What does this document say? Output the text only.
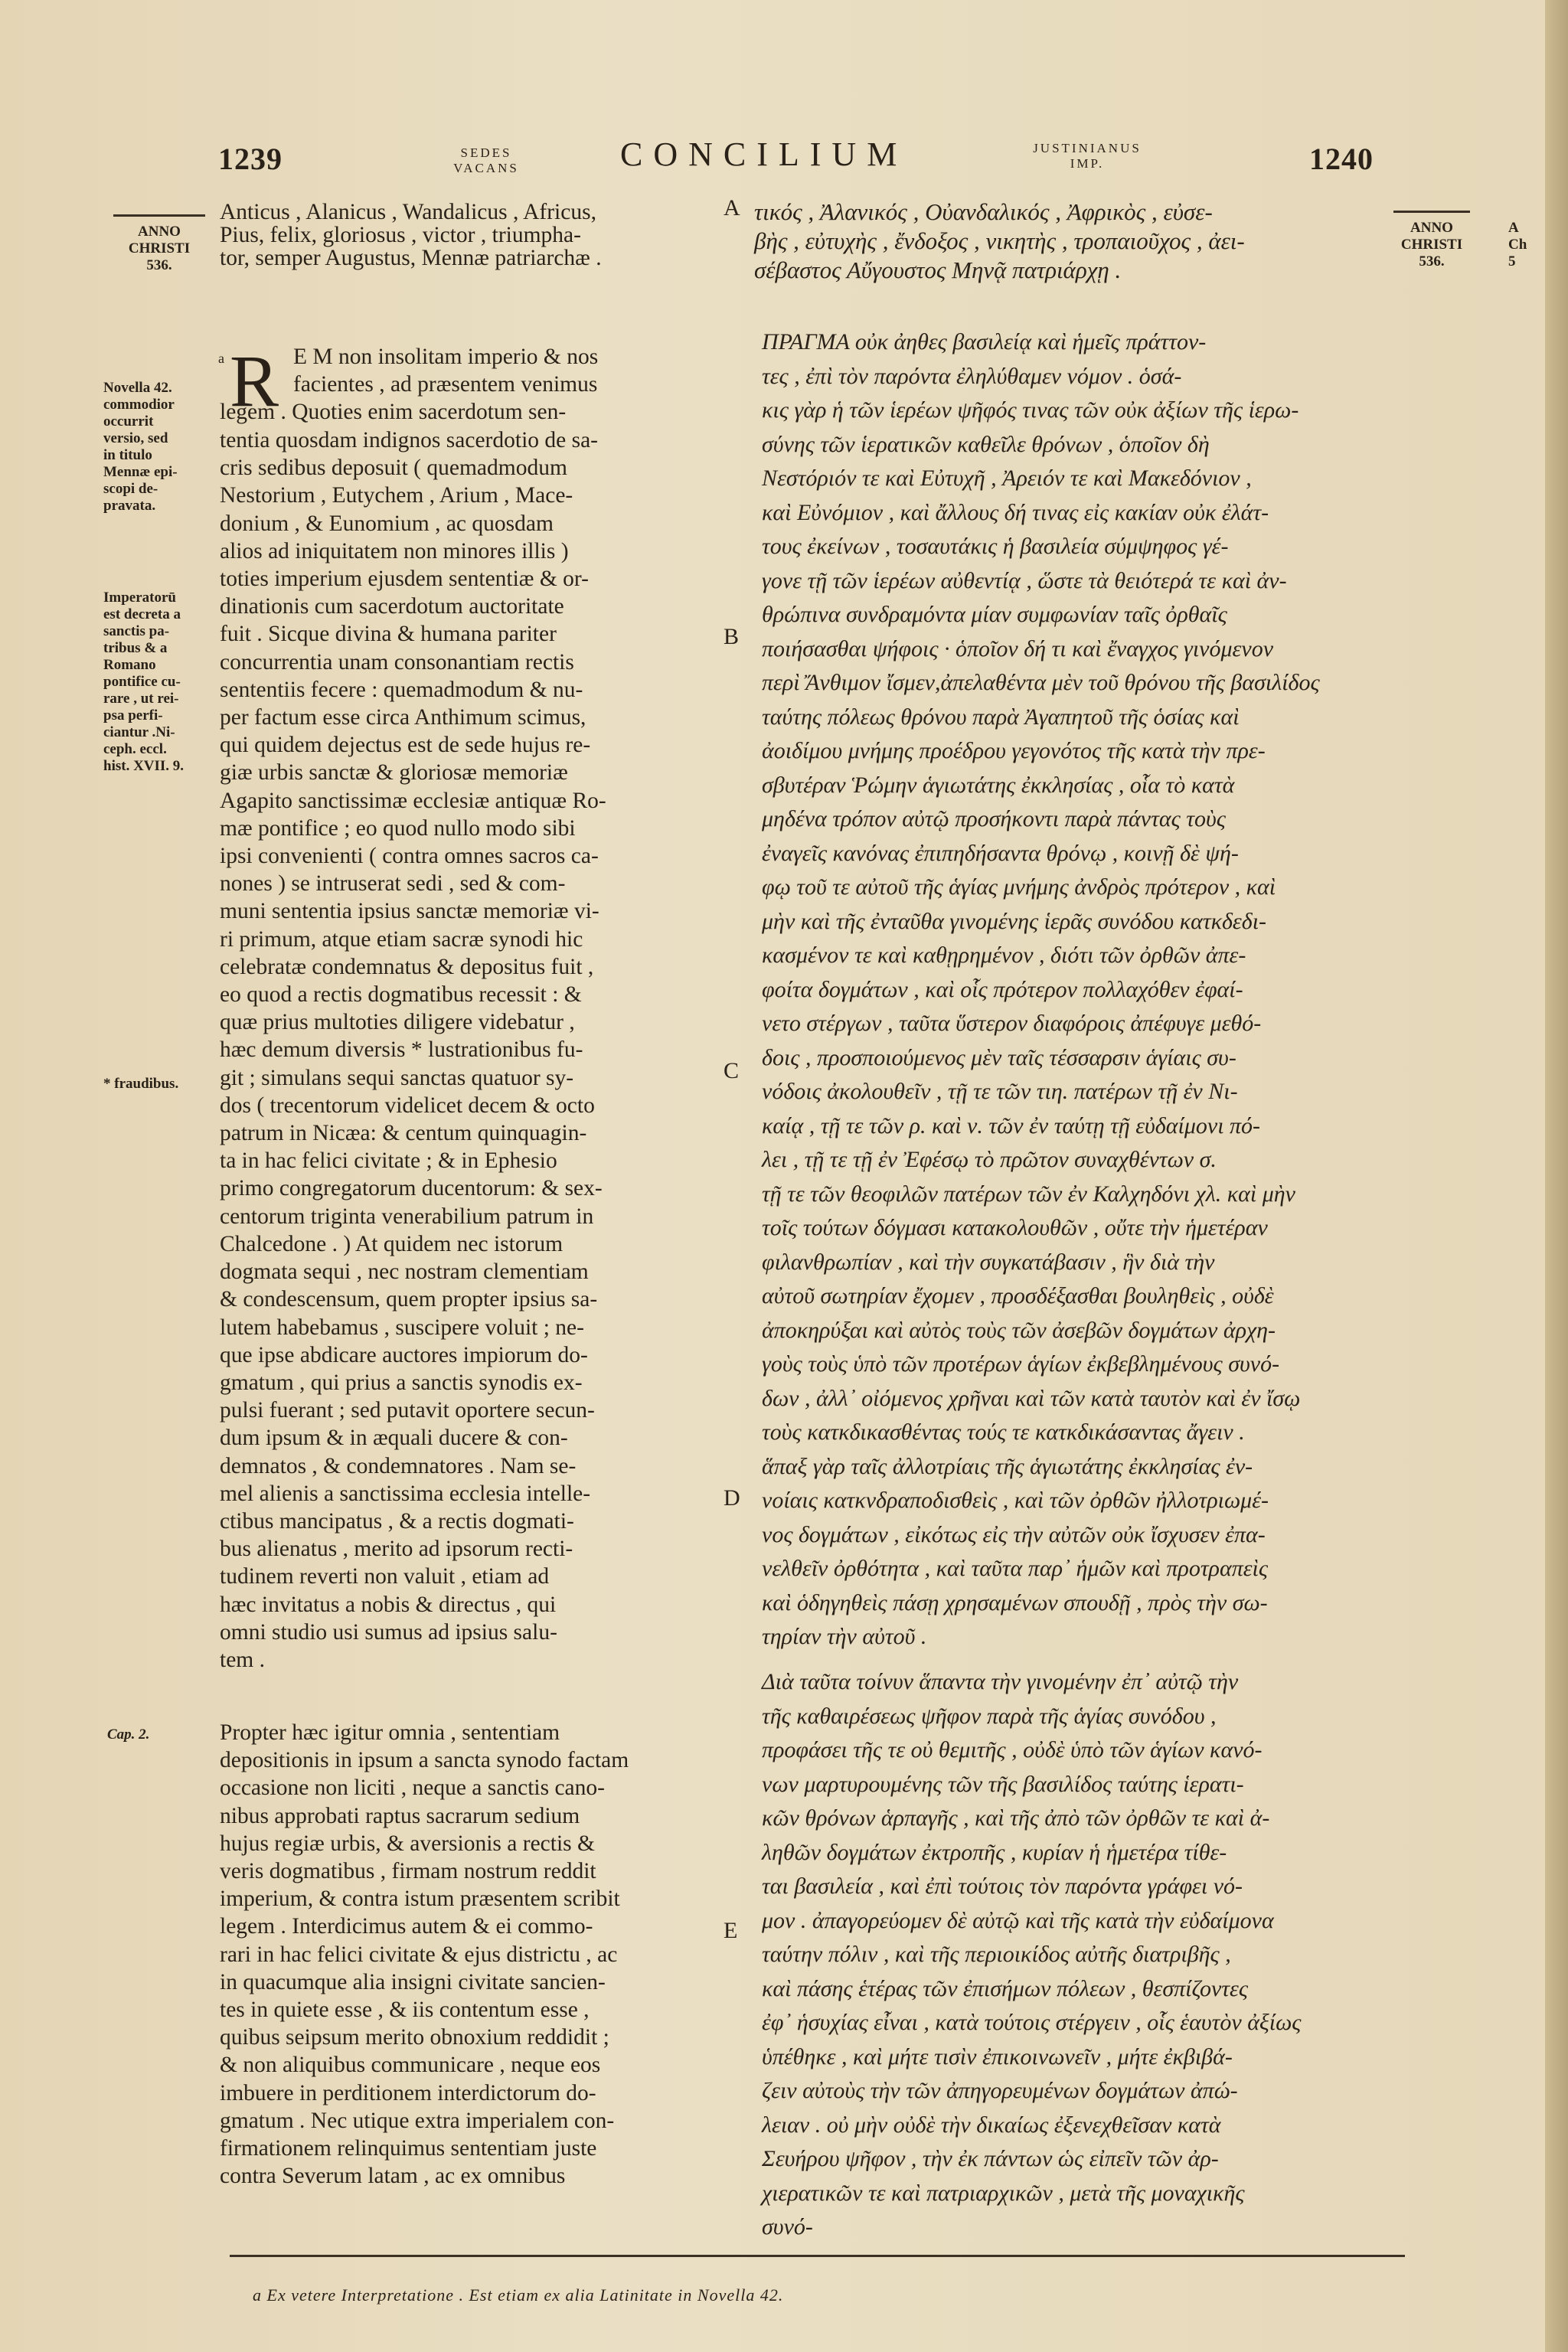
1239	SEDES
VACANS	CONCILIUM	JUSTINIANUS
IMP.	1240
ANNO
CHRISTI
536.
ANNO
CHRISTI
536.
A
Ch
5
Anticus , Alanicus , Wandalicus , Africus,
Pius, felix, gloriosus , victor , triumpha-
tor, semper Augustus, Mennæ patriarchæ .
τικός , Ἀλανικός , Οὐανδαλικός , Ἀφρικὸς , εὐσε-
βὴς , εὐτυχὴς , ἔνδοξος , νικητὴς , τροπαιοῦχος , ἀει-
σέβαστος Αὔγουστος Μηνᾷ πατριάρχῃ .
a R E M non insolitam imperio & nos
facientes , ad præsentem venimus
legem . Quoties enim sacerdotum sen-
tentia quosdam indignos sacerdotio de sa-
cris sedibus deposuit ( quemadmodum
Nestorium , Eutychem , Arium , Mace-
donium , & Eunomium , ac quosdam
alios ad iniquitatem non minores illis )
toties imperium ejusdem sententiæ & or-
dinationis cum sacerdotum auctoritate
fuit . Sicque divina & humana pariter
concurrentia unam consonantiam rectis
sententiis fecere : quemadmodum & nu-
per factum esse circa Anthimum scimus,
qui quidem dejectus est de sede hujus re-
giæ urbis sanctæ & gloriosæ memoriæ
Agapito sanctissimæ ecclesiæ antiquæ Ro-
mæ pontifice ; eo quod nullo modo sibi
ipsi convenienti ( contra omnes sacros ca-
nones ) se intruserat sedi , sed & com-
muni sententia ipsius sanctæ memoriæ vi-
ri primum, atque etiam sacræ synodi hic
celebratæ condemnatus & depositus fuit ,
eo quod a rectis dogmatibus recessit : &
quæ prius multoties diligere videbatur ,
hæc demum diversis * lustrationibus fu-
git ; simulans sequi sanctas quatuor sy-
dos ( trecentorum videlicet decem & octo
patrum in Nicæa: & centum quinquagin-
ta in hac felici civitate ; & in Ephesio
primo congregatorum ducentorum: & sex-
centorum triginta venerabilium patrum in
Chalcedone . ) At quidem nec istorum
dogmata sequi , nec nostram clementiam
& condescensum, quem propter ipsius sa-
lutem habebamus , suscipere voluit ; ne-
que ipse abdicare auctores impiorum do-
gmatum , qui prius a sanctis synodis ex-
pulsi fuerant ; sed putavit oportere secun-
dum ipsum & in æquali ducere & con-
demnatos , & condemnatores . Nam se-
mel alienis a sanctissima ecclesia intelle-
ctibus mancipatus , & a rectis dogmati-
bus alienatus , merito ad ipsorum recti-
tudinem reverti non valuit , etiam ad
hæc invitatus a nobis & directus , qui
omni studio usi sumus ad ipsius salu-
tem .
Propter hæc igitur omnia , sententiam
depositionis in ipsum a sancta synodo factam
occasione non liciti , neque a sanctis cano-
nibus approbati raptus sacrarum sedium
hujus regiæ urbis, & aversionis a rectis &
veris dogmatibus , firmam nostrum reddit
imperium, & contra istum præsentem scribit
legem . Interdicimus autem & ei commo-
rari in hac felici civitate & ejus districtu , ac
in quacumque alia insigni civitate sancien-
tes in quiete esse , & iis contentum esse ,
quibus seipsum merito obnoxium reddidit ;
& non aliquibus communicare , neque eos
imbuere in perditionem interdictorum do-
gmatum . Nec utique extra imperialem con-
firmationem relinquimus sententiam juste
contra Severum latam , ac ex omnibus
Novella 42.
commodior
occurrit
versio, sed
in titulo
Mennæ epi-
scopi de-
pravata.
Imperatorū
est decreta a
sanctis pa-
tribus & a
Romano
pontifice cu-
rare , ut rei-
psa perfi-
ciantur .Ni-
ceph. eccl.
hist. XVII. 9.
* fraudibus.
Cap. 2.
A
B
C
D
E
ΠΡΑΓΜΑ οὐκ ἀηθες βασιλείᾳ καὶ ἡμεῖς πράττον-
τες , ἐπὶ τὸν παρόντα ἐληλύθαμεν νόμον . ὁσά-
κις γὰρ ἡ τῶν ἱερέων ψῆφός τινας τῶν οὐκ ἀξίων τῆς ἱερω-
σύνης τῶν ἱερατικῶν καθεῖλε θρόνων , ὁποῖον δὴ
Νεστόριόν τε καὶ Εὐτυχῆ , Ἀρειόν τε καὶ Μακεδόνιον ,
καὶ Εὐνόμιον , καὶ ἄλλους δή τινας εἰς κακίαν οὐκ ἐλάτ-
τους ἐκείνων , τοσαυτάκις ἡ βασιλεία σύμψηφος γέ-
γονε τῇ τῶν ἱερέων αὐθεντίᾳ , ὥστε τὰ θειότερά τε καὶ ἀν-
θρώπινα συνδραμόντα μίαν συμφωνίαν ταῖς ὀρθαῖς
ποιήσασθαι ψήφοις · ὁποῖον δή τι καὶ ἔναγχος γινόμενον
περὶ Ἄνθιμον ἴσμεν,ἀπελαθέντα μὲν τοῦ θρόνου τῆς βασιλίδος
ταύτης πόλεως θρόνου παρὰ Ἀγαπητοῦ τῆς ὁσίας καὶ
ἀοιδίμου μνήμης προέδρου γεγονότος τῆς κατὰ τὴν πρε-
σβυτέραν Ῥώμην ἁγιωτάτης ἐκκλησίας , οἷα τὸ κατὰ
μηδένα τρόπον αὐτῷ προσήκοντι παρὰ πάντας τοὺς
ἐναγεῖς κανόνας ἐπιπηδήσαντα θρόνῳ , κοινῇ δὲ ψή-
φῳ τοῦ τε αὐτοῦ τῆς ἁγίας μνήμης ἀνδρὸς πρότερον , καὶ
μὴν καὶ τῆς ἐνταῦθα γινομένης ἱερᾶς συνόδου κατκδεδι-
κασμένον τε καὶ καθῃρημένον , διότι τῶν ὀρθῶν ἀπε-
φοίτα δογμάτων , καὶ οἷς πρότερον πολλαχόθεν ἐφαί-
νετο στέργων , ταῦτα ὕστερον διαφόροις ἀπέφυγε μεθό-
δοις , προσποιούμενος μὲν ταῖς τέσσαρσιν ἁγίαις συ-
νόδοις ἀκολουθεῖν , τῇ τε τῶν τιη. πατέρων τῇ ἐν Νι-
καίᾳ , τῇ τε τῶν ρ. καὶ ν. τῶν ἐν ταύτῃ τῇ εὐδαίμονι πό-
λει , τῇ τε τῇ ἐν Ἐφέσῳ τὸ πρῶτον συναχθέντων σ.
τῇ τε τῶν θεοφιλῶν πατέρων τῶν ἐν Καλχηδόνι χλ. καὶ μὴν
τοῖς τούτων δόγμασι κατακολουθῶν , οὔτε τὴν ἡμετέραν
φιλανθρωπίαν , καὶ τὴν συγκατάβασιν , ἣν διὰ τὴν
αὐτοῦ σωτηρίαν ἔχομεν , προσδέξασθαι βουληθεὶς , οὐδὲ
ἀποκηρύξαι καὶ αὐτὸς τοὺς τῶν ἀσεβῶν δογμάτων ἀρχη-
γοὺς τοὺς ὑπὸ τῶν προτέρων ἁγίων ἐκβεβλημένους συνό-
δων , ἀλλ᾽ οἰόμενος χρῆναι καὶ τῶν κατὰ ταυτὸν καὶ ἐν ἴσῳ
τοὺς κατκδικασθέντας τούς τε κατκδικάσαντας ἄγειν .
ἅπαξ γὰρ ταῖς ἀλλοτρίαις τῆς ἁγιωτάτης ἐκκλησίας ἐν-
νοίαις κατκνδραποδισθεὶς , καὶ τῶν ὀρθῶν ἠλλοτριωμέ-
νος δογμάτων , εἰκότως εἰς τὴν αὐτῶν οὐκ ἴσχυσεν ἐπα-
νελθεῖν ὀρθότητα , καὶ ταῦτα παρ᾽ ἡμῶν καὶ προτραπεὶς
καὶ ὁδηγηθεὶς πάσῃ χρησαμένων σπουδῇ , πρὸς τὴν σω-
τηρίαν τὴν αὐτοῦ .
Διὰ ταῦτα τοίνυν ἅπαντα τὴν γινομένην ἐπ᾽ αὐτῷ τὴν
τῆς καθαιρέσεως ψῆφον παρὰ τῆς ἁγίας συνόδου ,
προφάσει τῆς τε οὐ θεμιτῆς , οὐδὲ ὑπὸ τῶν ἁγίων κανό-
νων μαρτυρουμένης τῶν τῆς βασιλίδος ταύτης ἱερατι-
κῶν θρόνων ἁρπαγῆς , καὶ τῆς ἀπὸ τῶν ὀρθῶν τε καὶ ἀ-
ληθῶν δογμάτων ἐκτροπῆς , κυρίαν ἡ ἡμετέρα τίθε-
ται βασιλεία , καὶ ἐπὶ τούτοις τὸν παρόντα γράφει νό-
μον . ἀπαγορεύομεν δὲ αὐτῷ καὶ τῆς κατὰ τὴν εὐδαίμονα
ταύτην πόλιν , καὶ τῆς περιοικίδος αὐτῆς διατριβῆς ,
καὶ πάσης ἑτέρας τῶν ἐπισήμων πόλεων , θεσπίζοντες
ἐφ᾽ ἡσυχίας εἶναι , κατὰ τούτοις στέργειν , οἷς ἑαυτὸν ἀξίως
ὑπέθηκε , καὶ μήτε τισὶν ἐπικοινωνεῖν , μήτε ἐκβιβά-
ζειν αὐτοὺς τὴν τῶν ἀπηγορευμένων δογμάτων ἀπώ-
λειαν . οὐ μὴν οὐδὲ τὴν δικαίως ἐξενεχθεῖσαν κατὰ
Σευήρου ψῆφον , τὴν ἐκ πάντων ὡς εἰπεῖν τῶν ἀρ-
χιερατικῶν τε καὶ πατριαρχικῶν , μετὰ τῆς μοναχικῆς
συνό-
a Ex vetere Interpretatione . Est etiam ex alia Latinitate in Novella 42.
